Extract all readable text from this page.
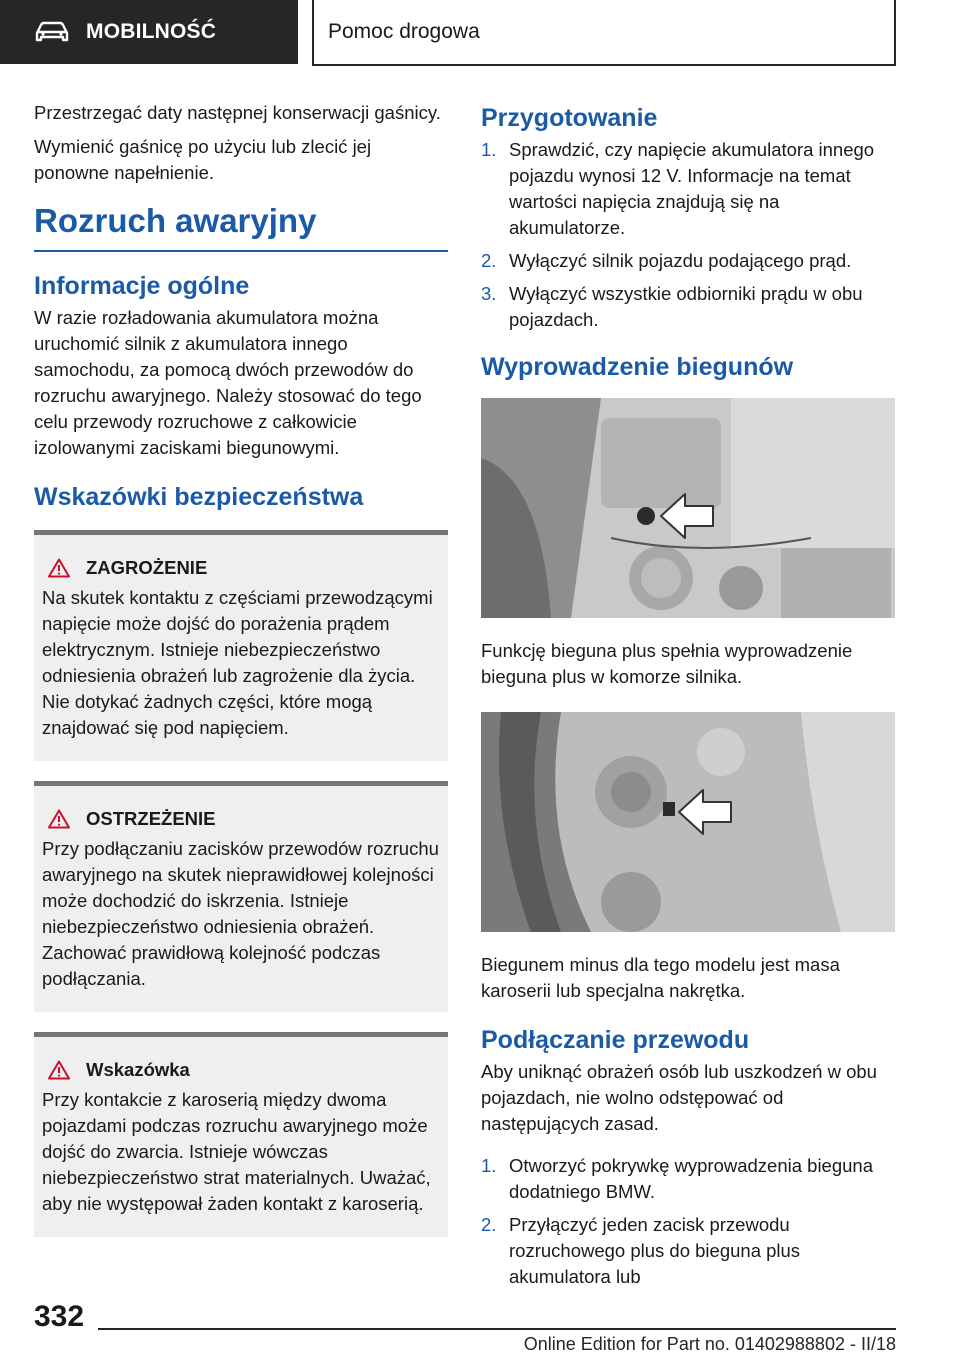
MOBILNOŚĆ	Pomoc drogowa

Przestrzegać daty następnej konserwacji gaśnicy.

Wymienić gaśnicę po użyciu lub zlecić jej ponowne napełnienie.

Rozruch awaryjny
Informacje ogólne

W razie rozładowania akumulatora można uruchomić silnik z akumulatora innego samochodu, za pomocą dwóch przewodów do rozruchu awaryjnego. Należy stosować do tego celu przewody rozruchowe z całkowicie izolowanymi zaciskami biegunowymi.

Wskazówki bezpieczeństwa
ZAGROŻENIE

Na skutek kontaktu z częściami przewodzącymi napięcie może dojść do porażenia prądem elektrycznym. Istnieje niebezpieczeństwo odniesienia obrażeń lub zagrożenie dla życia. Nie dotykać żadnych części, które mogą znajdować się pod napięciem.

OSTRZEŻENIE

Przy podłączaniu zacisków przewodów rozruchu awaryjnego na skutek nieprawidłowej kolejności może dochodzić do iskrzenia. Istnieje niebezpieczeństwo odniesienia obrażeń. Zachować prawidłową kolejność podczas podłączania.

Wskazówka

Przy kontakcie z karoserią między dwoma pojazdami podczas rozruchu awaryjnego może dojść do zwarcia. Istnieje wówczas niebezpieczeństwo strat materialnych. Uważać, aby nie występował żaden kontakt z karoserią.

Przygotowanie
1. Sprawdzić, czy napięcie akumulatora innego pojazdu wynosi 12 V. Informacje na temat wartości napięcia znajdują się na akumulatorze.
2. Wyłączyć silnik pojazdu podającego prąd.
3. Wyłączyć wszystkie odbiorniki prądu w obu pojazdach.
Wyprowadzenie biegunów

Funkcję bieguna plus spełnia wyprowadzenie bieguna plus w komorze silnika.

Biegunem minus dla tego modelu jest masa karoserii lub specjalna nakrętka.

Podłączanie przewodu

Aby uniknąć obrażeń osób lub uszkodzeń w obu pojazdach, nie wolno odstępować od następujących zasad.

1. Otworzyć pokrywkę wyprowadzenia bieguna dodatniego BMW.
2. Przyłączyć jeden zacisk przewodu rozruchowego plus do bieguna plus akumulatora lub
332
Online Edition for Part no. 01402988802 - II/18
